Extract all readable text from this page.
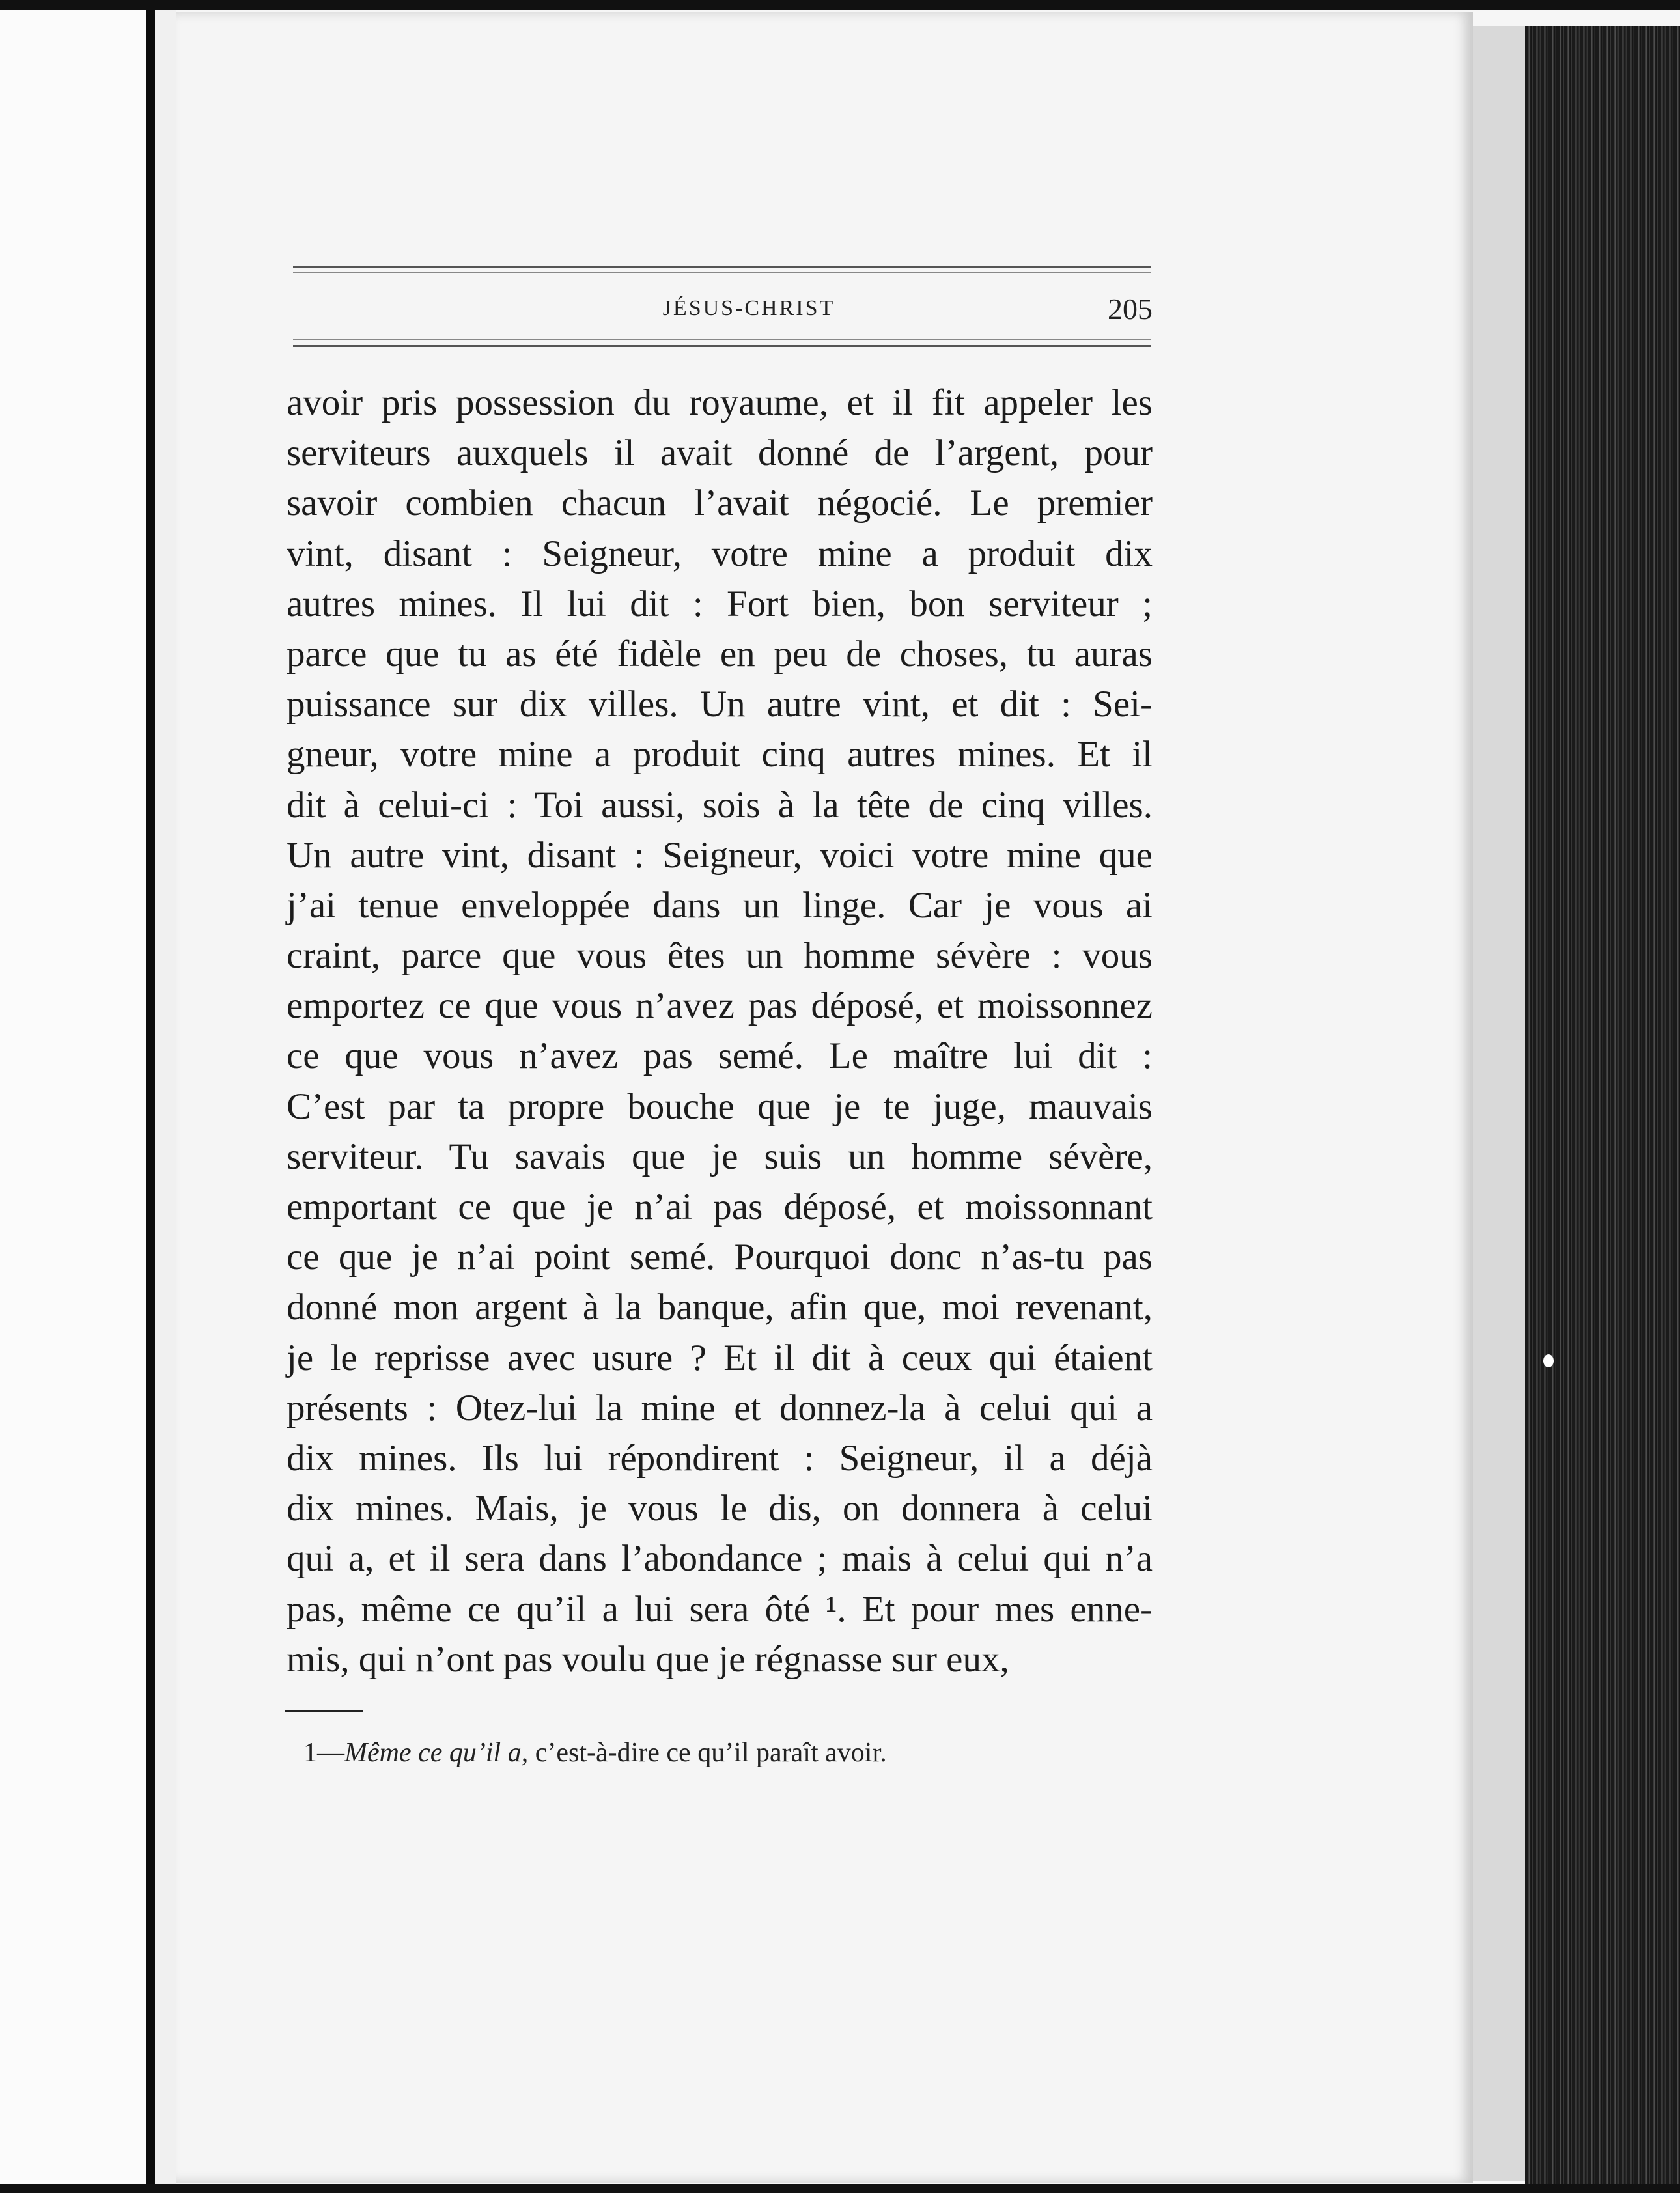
JÉSUS-CHRIST	205
avoir pris possession du royaume, et il fit appeler les
serviteurs auxquels il avait donné de l’argent, pour
savoir combien chacun l’avait négocié. Le premier
vint, disant : Seigneur, votre mine a produit dix
autres mines. Il lui dit : Fort bien, bon serviteur ;
parce que tu as été fidèle en peu de choses, tu auras
puissance sur dix villes. Un autre vint, et dit : Sei-
gneur, votre mine a produit cinq autres mines. Et il
dit à celui-ci : Toi aussi, sois à la tête de cinq villes.
Un autre vint, disant : Seigneur, voici votre mine que
j’ai tenue enveloppée dans un linge. Car je vous ai
craint, parce que vous êtes un homme sévère : vous
emportez ce que vous n’avez pas déposé, et moissonnez
ce que vous n’avez pas semé. Le maître lui dit :
C’est par ta propre bouche que je te juge, mauvais
serviteur. Tu savais que je suis un homme sévère,
emportant ce que je n’ai pas déposé, et moissonnant
ce que je n’ai point semé. Pourquoi donc n’as-tu pas
donné mon argent à la banque, afin que, moi revenant,
je le reprisse avec usure ? Et il dit à ceux qui étaient
présents : Otez-lui la mine et donnez-la à celui qui a
dix mines. Ils lui répondirent : Seigneur, il a déjà
dix mines. Mais, je vous le dis, on donnera à celui
qui a, et il sera dans l’abondance ; mais à celui qui n’a
pas, même ce qu’il a lui sera ôté ¹. Et pour mes enne-
mis, qui n’ont pas voulu que je régnasse sur eux,
1—Même ce qu’il a, c’est-à-dire ce qu’il paraît avoir.
